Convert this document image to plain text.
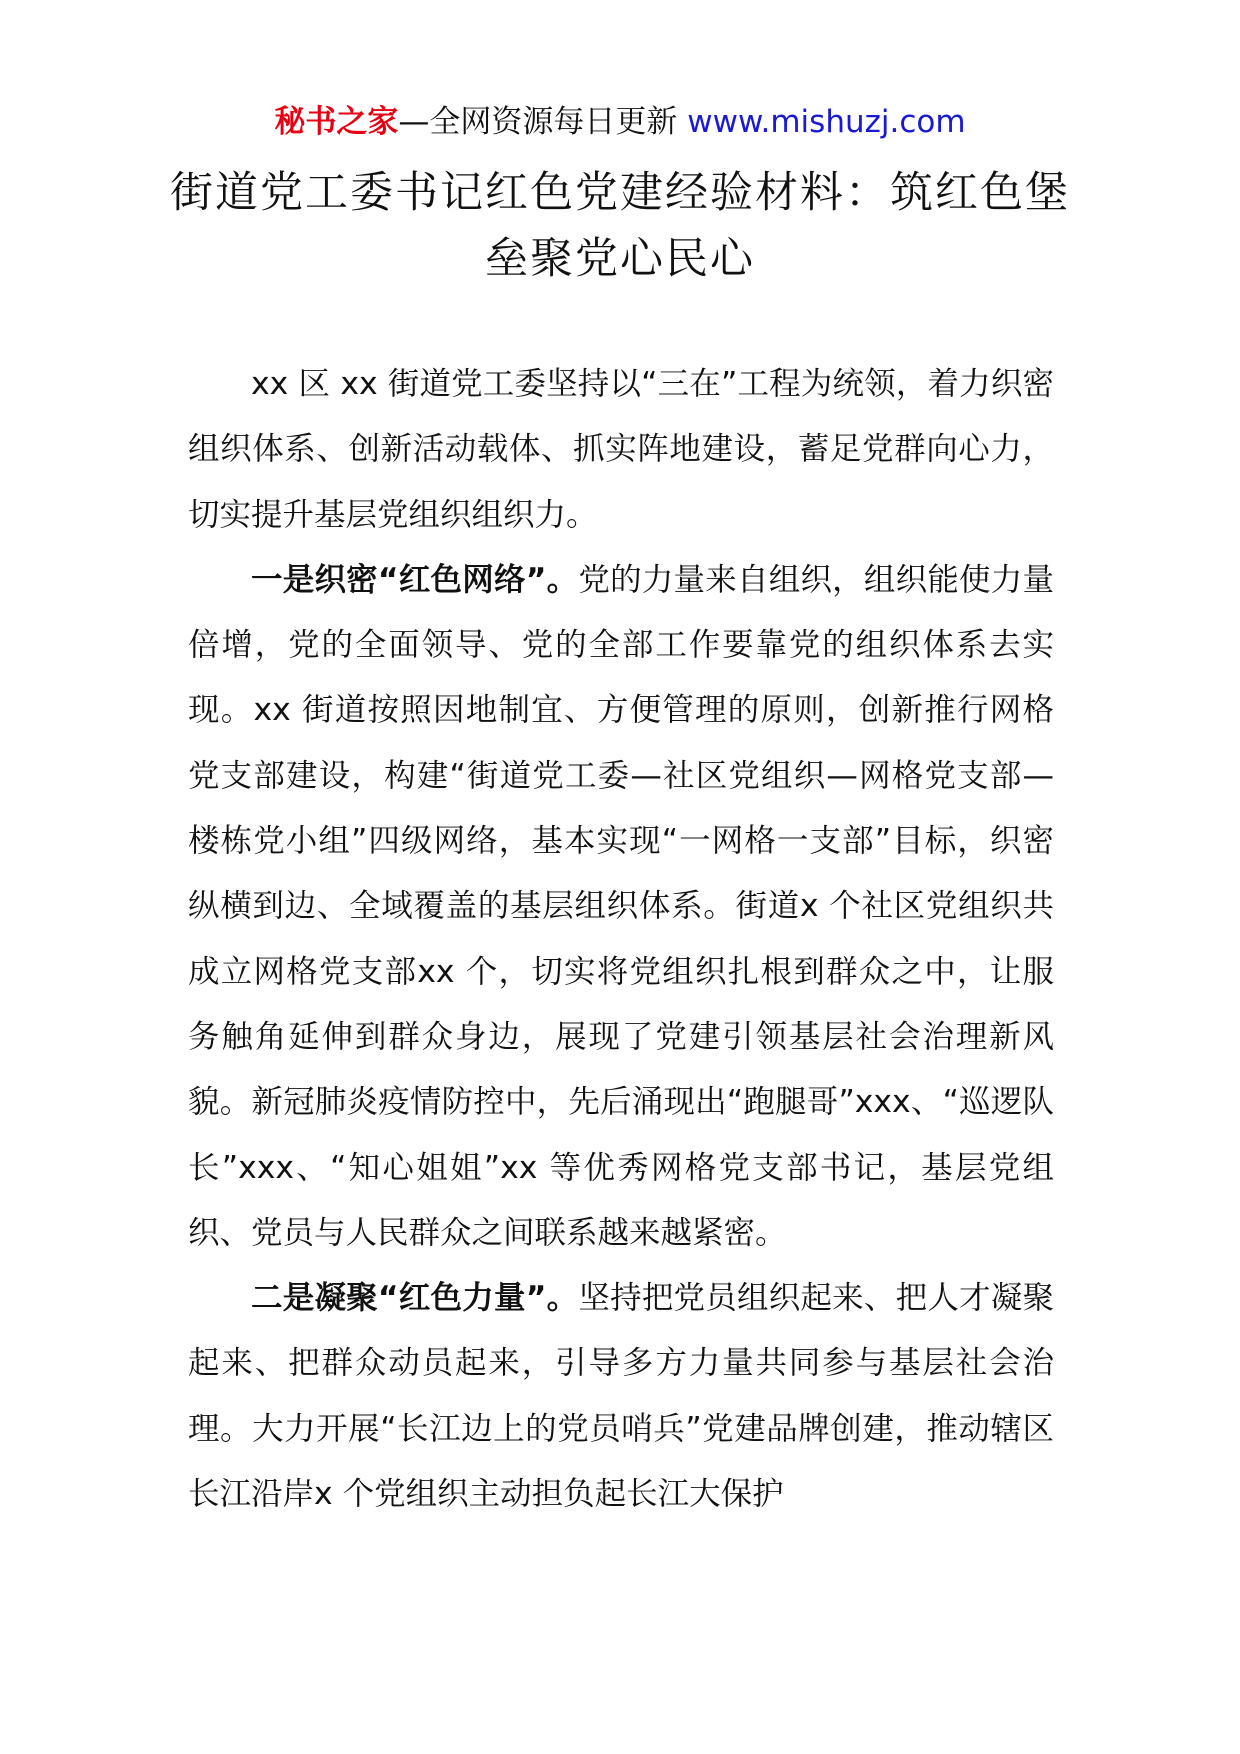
秘书之家—全网资源每日更新 www.mishuzj.com
街道党工委书记红色党建经验材料：筑红色堡垒聚党心民心

xx 区 xx 街道党工委坚持以“三在”工程为统领，着力织密组织体系、创新活动载体、抓实阵地建设，蓄足党群向心力，切实提升基层党组织组织力。

一是织密“红色网络”。党的力量来自组织，组织能使力量倍增，党的全面领导、党的全部工作要靠党的组织体系去实现。xx 街道按照因地制宜、方便管理的原则，创新推行网格党支部建设，构建“街道党工委—社区党组织—网格党支部—楼栋党小组”四级网络，基本实现“一网格一支部”目标，织密纵横到边、全域覆盖的基层组织体系。街道x 个社区党组织共成立网格党支部xx 个，切实将党组织扎根到群众之中，让服务触角延伸到群众身边，展现了党建引领基层社会治理新风貌。新冠肺炎疫情防控中，先后涌现出“跑腿哥”xxx、“巡逻队长”xxx、“知心姐姐”xx 等优秀网格党支部书记，基层党组织、党员与人民群众之间联系越来越紧密。

二是凝聚“红色力量”。坚持把党员组织起来、把人才凝聚起来、把群众动员起来，引导多方力量共同参与基层社会治理。大力开展“长江边上的党员哨兵”党建品牌创建，推动辖区长江沿岸x 个党组织主动担负起长江大保护
